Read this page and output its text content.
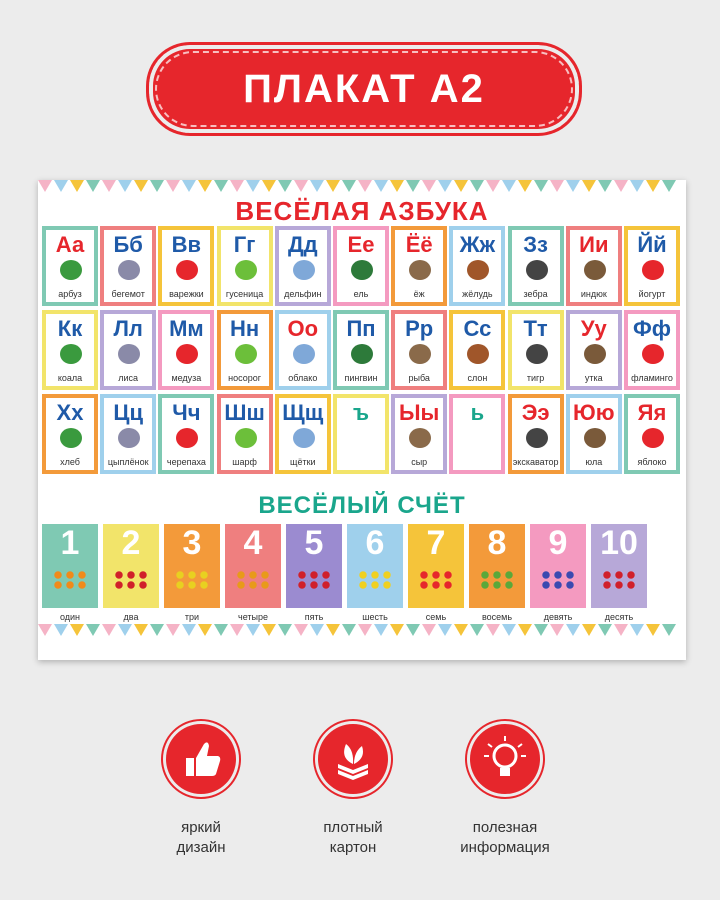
ПЛАКАТ А2
ВЕСЁЛАЯ АЗБУКА
Аа
арбуз
Бб
бегемот
Вв
варежки
Гг
гусеница
Дд
дельфин
Ее
ель
Ёё
ёж
Жж
жёлудь
Зз
зебра
Ии
индюк
Йй
йогурт
Кк
коала
Лл
лиса
Мм
медуза
Нн
носорог
Оо
облако
Пп
пингвин
Рр
рыба
Сс
слон
Тт
тигр
Уу
утка
Фф
фламинго
Хх
хлеб
Цц
цыплёнок
Чч
черепаха
Шш
шарф
Щщ
щётки
ъ	Ыы
сыр
ь	Ээ
экскаватор
Юю
юла
Яя
яблоко
ВЕСЁЛЫЙ СЧЁТ
1
один
2
два
3
три
4
четыре
5
пять
6
шесть
7
семь
8
восемь
9
девять
10
десять
яркий
дизайн
плотный
картон
полезная
информация
